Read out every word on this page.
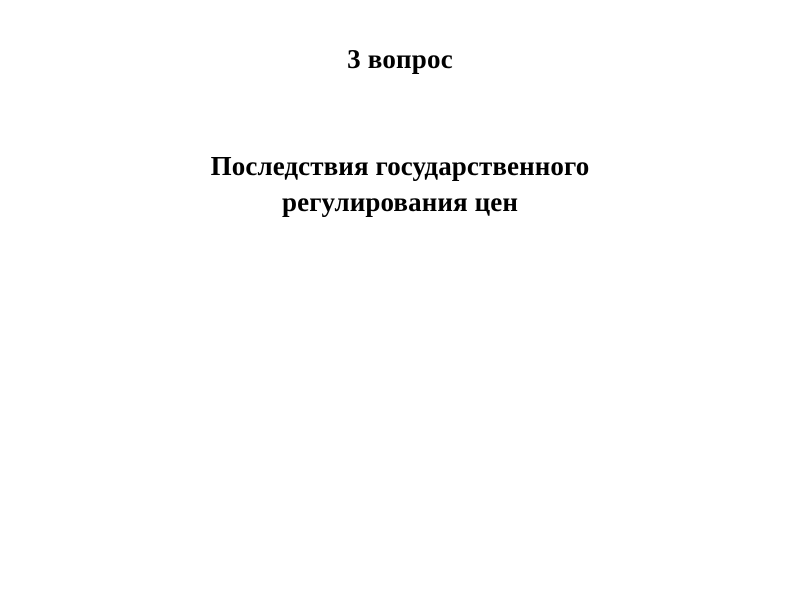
3 вопрос

Последствия государственного

регулирования цен
